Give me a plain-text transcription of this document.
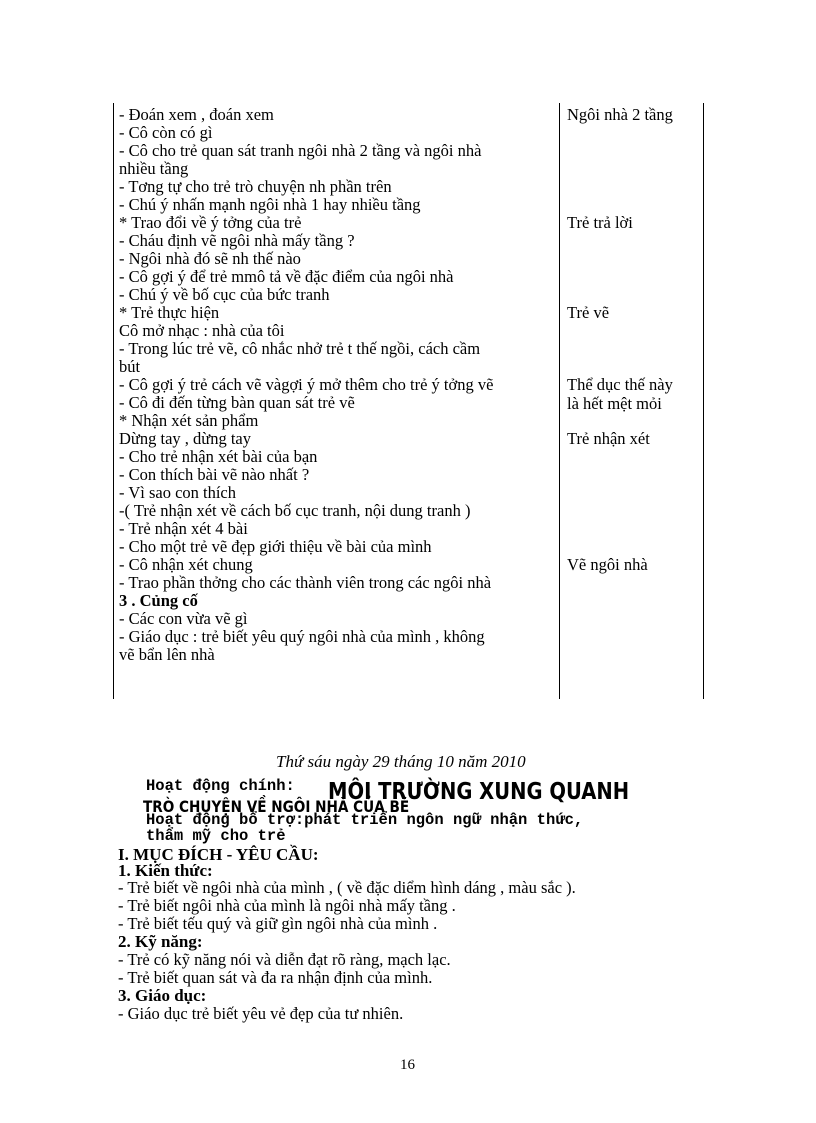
- Đoán xem , đoán xem
- Cô còn có gì
- Cô cho trẻ quan sát tranh ngôi nhà 2 tầng và ngôi nhà
nhiều tầng
- Tơng tự cho trẻ trò chuyện nh phần trên
- Chú ý nhấn mạnh ngôi nhà 1 hay nhiều tầng
* Trao đổi về ý tởng của trẻ
- Cháu định vẽ ngôi nhà mấy tầng ?
- Ngôi nhà đó sẽ nh thế nào
- Cô gợi ý để trẻ mmô tả về đặc điểm của ngôi nhà
- Chú ý về bố cục của bức tranh
* Trẻ thực hiện
Cô mở nhạc : nhà của tôi
- Trong lúc trẻ vẽ, cô nhắc nhở trẻ t thế ngồi, cách cầm
bút
- Cô gợi ý trẻ cách vẽ vàgợi ý mở thêm cho trẻ ý tởng vẽ
- Cô đi đến từng bàn quan sát trẻ vẽ
* Nhận xét sản phẩm
Dừng tay , dừng tay
- Cho trẻ nhận xét bài của bạn
- Con thích bài vẽ nào nhất ?
- Vì sao con thích
-( Trẻ nhận xét về cách bố cục tranh, nội dung tranh )
- Trẻ nhận xét 4 bài
- Cho một trẻ vẽ đẹp giới thiệu về bài của mình
- Cô nhận xét chung
- Trao phần thởng cho các thành viên trong các ngôi nhà
3 . Củng cố
- Các con vừa vẽ gì
- Giáo dục : trẻ biết yêu quý ngôi nhà của mình , không
vẽ bẩn lên nhà
Ngôi nhà 2 tầng
Trẻ trả lời
Trẻ vẽ
Thể dục thế này
là hết mệt mỏi
Trẻ nhận xét
Vẽ ngôi nhà
Thứ sáu ngày 29 tháng 10 năm 2010
Hoạt động chính: MÔI TRƯỜNG XUNG QUANH
TRÒ CHUYỆN VỀ NGÔI NHÀ CỦA BÉ
Hoạt động bổ trợ:phát triển ngôn ngữ nhận thức,
thẩm mỹ cho trẻ
I. MỤC ĐÍCH - YÊU CẦU:
1. Kiến thức:
- Trẻ biết về ngôi nhà của mình , ( về đặc diểm hình dáng , màu sắc ).
- Trẻ biết ngôi nhà của mình là ngôi nhà mấy tầng .
- Trẻ biết tếu quý và giữ gìn ngôi nhà của mình .
2. Kỹ năng:
- Trẻ có kỹ năng nói và diễn đạt rõ ràng, mạch lạc.
- Trẻ biết quan sát và đa ra nhận định của mình.
3. Giáo dục:
- Giáo dục trẻ biết yêu vẻ đẹp của tư nhiên.
16
